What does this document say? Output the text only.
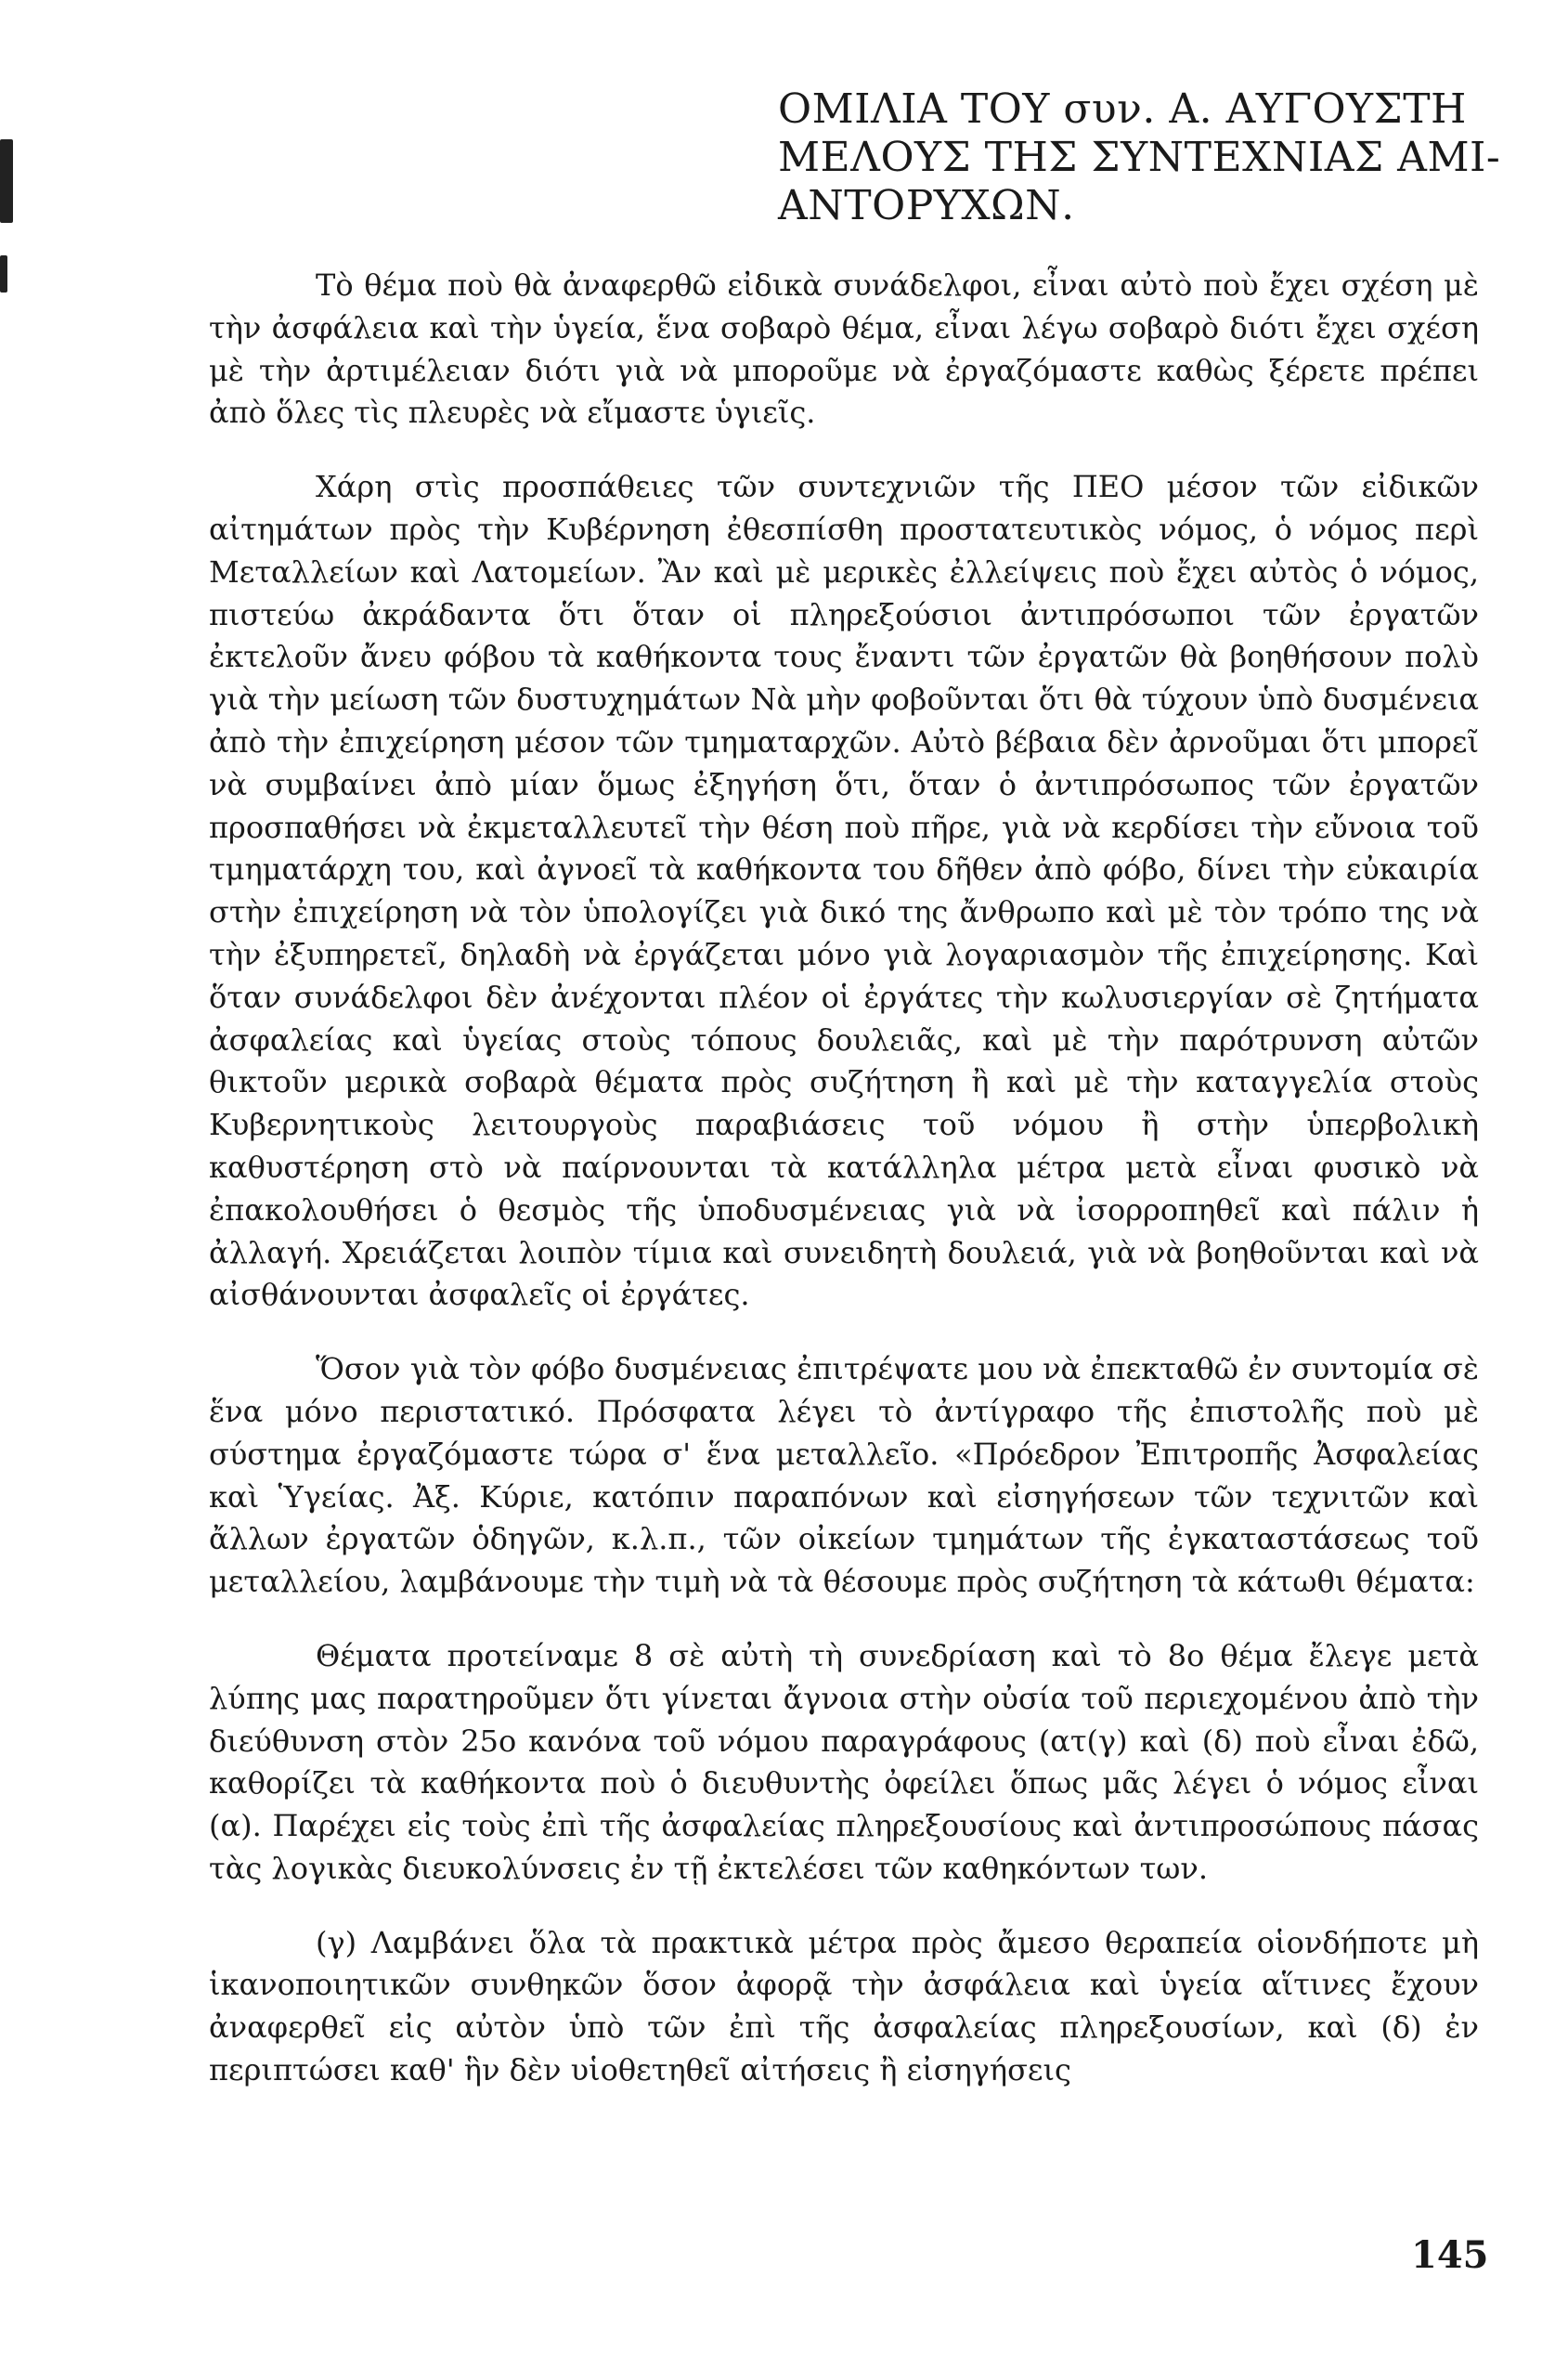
ΟΜΙΛΙΑ ΤΟΥ συν. Α. ΑΥΓΟΥΣΤΗ
ΜΕΛΟΥΣ ΤΗΣ ΣΥΝΤΕΧΝΙΑΣ ΑΜΙ-
ΑΝΤΟΡΥΧΩΝ.

Τὸ θέμα ποὺ θὰ ἀναφερθῶ εἰδικὰ συνάδελφοι, εἶναι αὐτὸ ποὺ ἔχει σχέση μὲ τὴν ἀσφάλεια καὶ τὴν ὑγεία, ἕνα σοβαρὸ θέμα, εἶναι λέγω σοβαρὸ διότι ἔχει σχέση μὲ τὴν ἀρτιμέλειαν διότι γιὰ νὰ μποροῦμε νὰ ἐργαζόμαστε καθὼς ξέρετε πρέπει ἀπὸ ὅλες τὶς πλευρὲς νὰ εἴμαστε ὑγιεῖς.

Χάρη στὶς προσπάθειες τῶν συντεχνιῶν τῆς ΠΕΟ μέσον τῶν εἰδικῶν αἰτημάτων πρὸς τὴν Κυβέρνηση ἐθεσπίσθη προστατευτικὸς νόμος, ὁ νόμος περὶ Μεταλλείων καὶ Λατομείων. Ἂν καὶ μὲ μερικὲς ἐλλείψεις ποὺ ἔχει αὐτὸς ὁ νόμος, πιστεύω ἀκράδαντα ὅτι ὅταν οἱ πληρεξούσιοι ἀντιπρόσωποι τῶν ἐργατῶν ἐκτελοῦν ἄνευ φόβου τὰ καθήκοντα τους ἔναντι τῶν ἐργατῶν θὰ βοηθήσουν πολὺ γιὰ τὴν μείωση τῶν δυστυχημάτων Νὰ μὴν φοβοῦνται ὅτι θὰ τύχουν ὑπὸ δυσμένεια ἀπὸ τὴν ἐπιχείρηση μέσον τῶν τμηματαρχῶν. Αὐτὸ βέβαια δὲν ἀρνοῦμαι ὅτι μπορεῖ νὰ συμβαίνει ἀπὸ μίαν ὅμως ἐξηγήση ὅτι, ὅταν ὁ ἀντιπρόσωπος τῶν ἐργατῶν προσπαθήσει νὰ ἐκμεταλλευτεῖ τὴν θέση ποὺ πῆρε, γιὰ νὰ κερδίσει τὴν εὔνοια τοῦ τμηματάρχη του, καὶ ἀγνοεῖ τὰ καθήκοντα του δῆθεν ἀπὸ φόβο, δίνει τὴν εὐκαιρία στὴν ἐπιχείρηση νὰ τὸν ὑπολογίζει γιὰ δικό της ἄνθρωπο καὶ μὲ τὸν τρόπο της νὰ τὴν ἐξυπηρετεῖ, δηλαδὴ νὰ ἐργάζεται μόνο γιὰ λογαριασμὸν τῆς ἐπιχείρησης. Καὶ ὅταν συνάδελφοι δὲν ἀνέχονται πλέον οἱ ἐργάτες τὴν κωλυσιεργίαν σὲ ζητήματα ἀσφαλείας καὶ ὑγείας στοὺς τόπους δουλειᾶς, καὶ μὲ τὴν παρότρυνση αὐτῶν θικτοῦν μερικὰ σοβαρὰ θέματα πρὸς συζήτηση ἢ καὶ μὲ τὴν καταγγελία στοὺς Κυβερνητικοὺς λειτουργοὺς παραβιάσεις τοῦ νόμου ἢ στὴν ὑπερβολικὴ καθυστέρηση στὸ νὰ παίρνουνται τὰ κατάλληλα μέτρα μετὰ εἶναι φυσικὸ νὰ ἐπακολουθήσει ὁ θεσμὸς τῆς ὑποδυσμένειας γιὰ νὰ ἰσορροπηθεῖ καὶ πάλιν ἡ ἀλλαγή. Χρειάζεται λοιπὸν τίμια καὶ συνειδητὴ δουλειά, γιὰ νὰ βοηθοῦνται καὶ νὰ αἰσθάνουνται ἀσφαλεῖς οἱ ἐργάτες.

Ὅσον γιὰ τὸν φόβο δυσμένειας ἐπιτρέψατε μου νὰ ἐπεκταθῶ ἐν συντομία σὲ ἕνα μόνο περιστατικό. Πρόσφατα λέγει τὸ ἀντίγραφο τῆς ἐπιστολῆς ποὺ μὲ σύστημα ἐργαζόμαστε τώρα σ' ἕνα μεταλλεῖο. «Πρόεδρον Ἐπιτροπῆς Ἀσφαλείας καὶ Ὑγείας. Ἀξ. Κύριε, κατόπιν παραπόνων καὶ εἰσηγήσεων τῶν τεχνιτῶν καὶ ἄλλων ἐργατῶν ὁδηγῶν, κ.λ.π., τῶν οἰκείων τμημάτων τῆς ἐγκαταστάσεως τοῦ μεταλλείου, λαμβάνουμε τὴν τιμὴ νὰ τὰ θέσουμε πρὸς συζήτηση τὰ κάτωθι θέματα:

Θέματα προτείναμε 8 σὲ αὐτὴ τὴ συνεδρίαση καὶ τὸ 8ο θέμα ἔλεγε μετὰ λύπης μας παρατηροῦμεν ὅτι γίνεται ἄγνοια στὴν οὐσία τοῦ περιεχομένου ἀπὸ τὴν διεύθυνση στὸν 25ο κανόνα τοῦ νόμου παραγράφους (ατ(γ) καὶ (δ) ποὺ εἶναι ἐδῶ, καθορίζει τὰ καθήκοντα ποὺ ὁ διευθυντὴς ὀφείλει ὅπως μᾶς λέγει ὁ νόμος εἶναι (α). Παρέχει εἰς τοὺς ἐπὶ τῆς ἀσφαλείας πληρεξουσίους καὶ ἀντιπροσώπους πάσας τὰς λογικὰς διευκολύνσεις ἐν τῇ ἐκτελέσει τῶν καθηκόντων των.

(γ) Λαμβάνει ὅλα τὰ πρακτικὰ μέτρα πρὸς ἄμεσο θεραπεία οἱονδήποτε μὴ ἱκανοποιητικῶν συνθηκῶν ὅσον ἀφορᾷ τὴν ἀσφάλεια καὶ ὑγεία αἵτινες ἔχουν ἀναφερθεῖ εἰς αὐτὸν ὑπὸ τῶν ἐπὶ τῆς ἀσφαλείας πληρεξουσίων, καὶ (δ) ἐν περιπτώσει καθ' ἣν δὲν υἱοθετηθεῖ αἰτήσεις ἢ εἰσηγήσεις

145
